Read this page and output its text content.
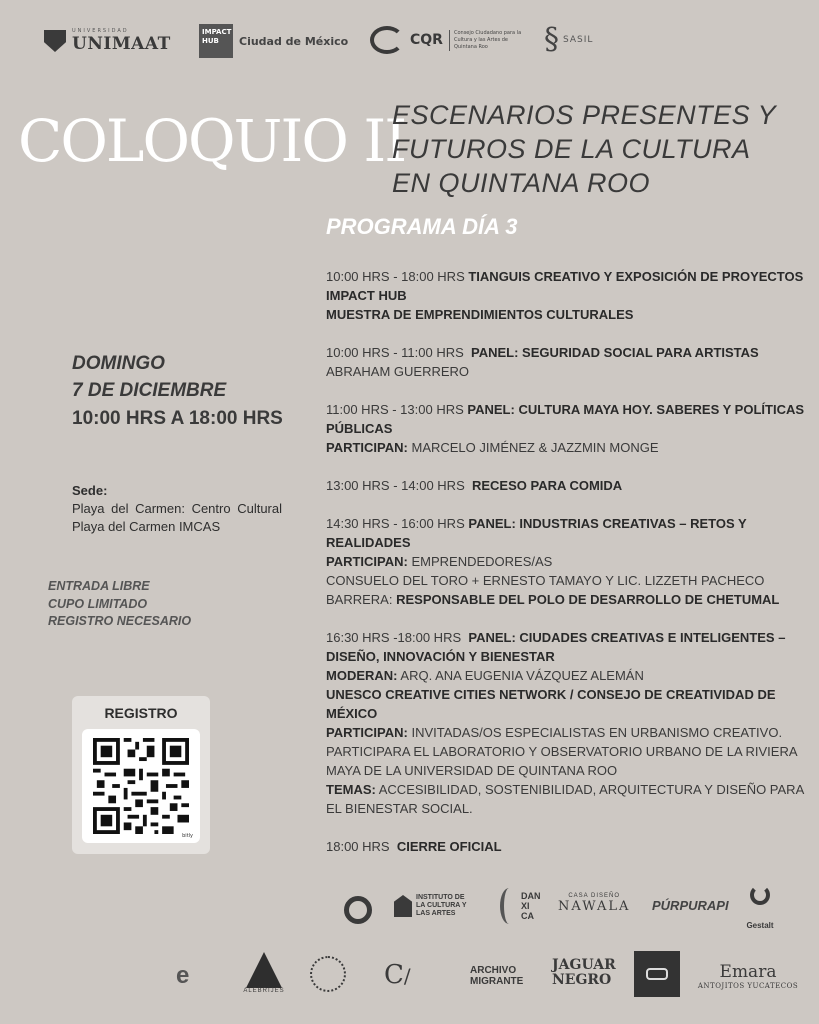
UNIVERSIDAD
UNIMAAT
IMPACT HUB	Ciudad de México	CQR	Consejo Ciudadano para la Cultura y las Artes de Quintana Roo	§ SASIL
COLOQUIO II
ESCENARIOS PRESENTES Y
FUTUROS DE LA CULTURA
EN QUINTANA ROO
PROGRAMA DÍA 3
DOMINGO
7 DE DICIEMBRE
10:00 HRS A 18:00 HRS
Sede:
Playa del Carmen: Centro Cultural Playa del Carmen IMCAS
ENTRADA LIBRE
CUPO LIMITADO
REGISTRO NECESARIO
REGISTRO
bitly

10:00 HRS - 18:00 HRS TIANGUIS CREATIVO Y EXPOSICIÓN DE PROYECTOS IMPACT HUB

MUESTRA DE EMPRENDIMIENTOS CULTURALES

10:00 HRS - 11:00 HRS PANEL: SEGURIDAD SOCIAL PARA ARTISTAS

ABRAHAM GUERRERO

11:00 HRS - 13:00 HRS PANEL: CULTURA MAYA HOY. SABERES Y POLÍTICAS PÚBLICAS

PARTICIPAN: MARCELO JIMÉNEZ & JAZZMIN MONGE

13:00 HRS - 14:00 HRS RECESO PARA COMIDA

14:30 HRS - 16:00 HRS PANEL: INDUSTRIAS CREATIVAS – RETOS Y REALIDADES

PARTICIPAN: EMPRENDEDORES/AS

CONSUELO DEL TORO + ERNESTO TAMAYO Y LIC. LIZZETH PACHECO BARRERA: RESPONSABLE DEL POLO DE DESARROLLO DE CHETUMAL

16:30 HRS -18:00 HRS PANEL: CIUDADES CREATIVAS E INTELIGENTES – DISEÑO, INNOVACIÓN Y BIENESTAR

MODERAN: ARQ. ANA EUGENIA VÁZQUEZ ALEMÁN

UNESCO CREATIVE CITIES NETWORK / CONSEJO DE CREATIVIDAD DE MÉXICO

PARTICIPAN: INVITADAS/OS ESPECIALISTAS EN URBANISMO CREATIVO.

PARTICIPARA EL LABORATORIO Y OBSERVATORIO URBANO DE LA RIVIERA MAYA DE LA UNIVERSIDAD DE QUINTANA ROO

TEMAS: ACCESIBILIDAD, SOSTENIBILIDAD, ARQUITECTURA Y DISEÑO PARA EL BIENESTAR SOCIAL.

18:00 HRS CIERRE OFICIAL

INSTITUTO DE LA CULTURA Y LAS ARTES
DAN XI CA
CASA DISEÑO
NAWALA PÚRPURAPI
Gestalt
e
ALEBRIJES
C/	ARCHIVO MIGRANTE
JAGUAR NEGRO	Emara
ANTOJITOS YUCATECOS
